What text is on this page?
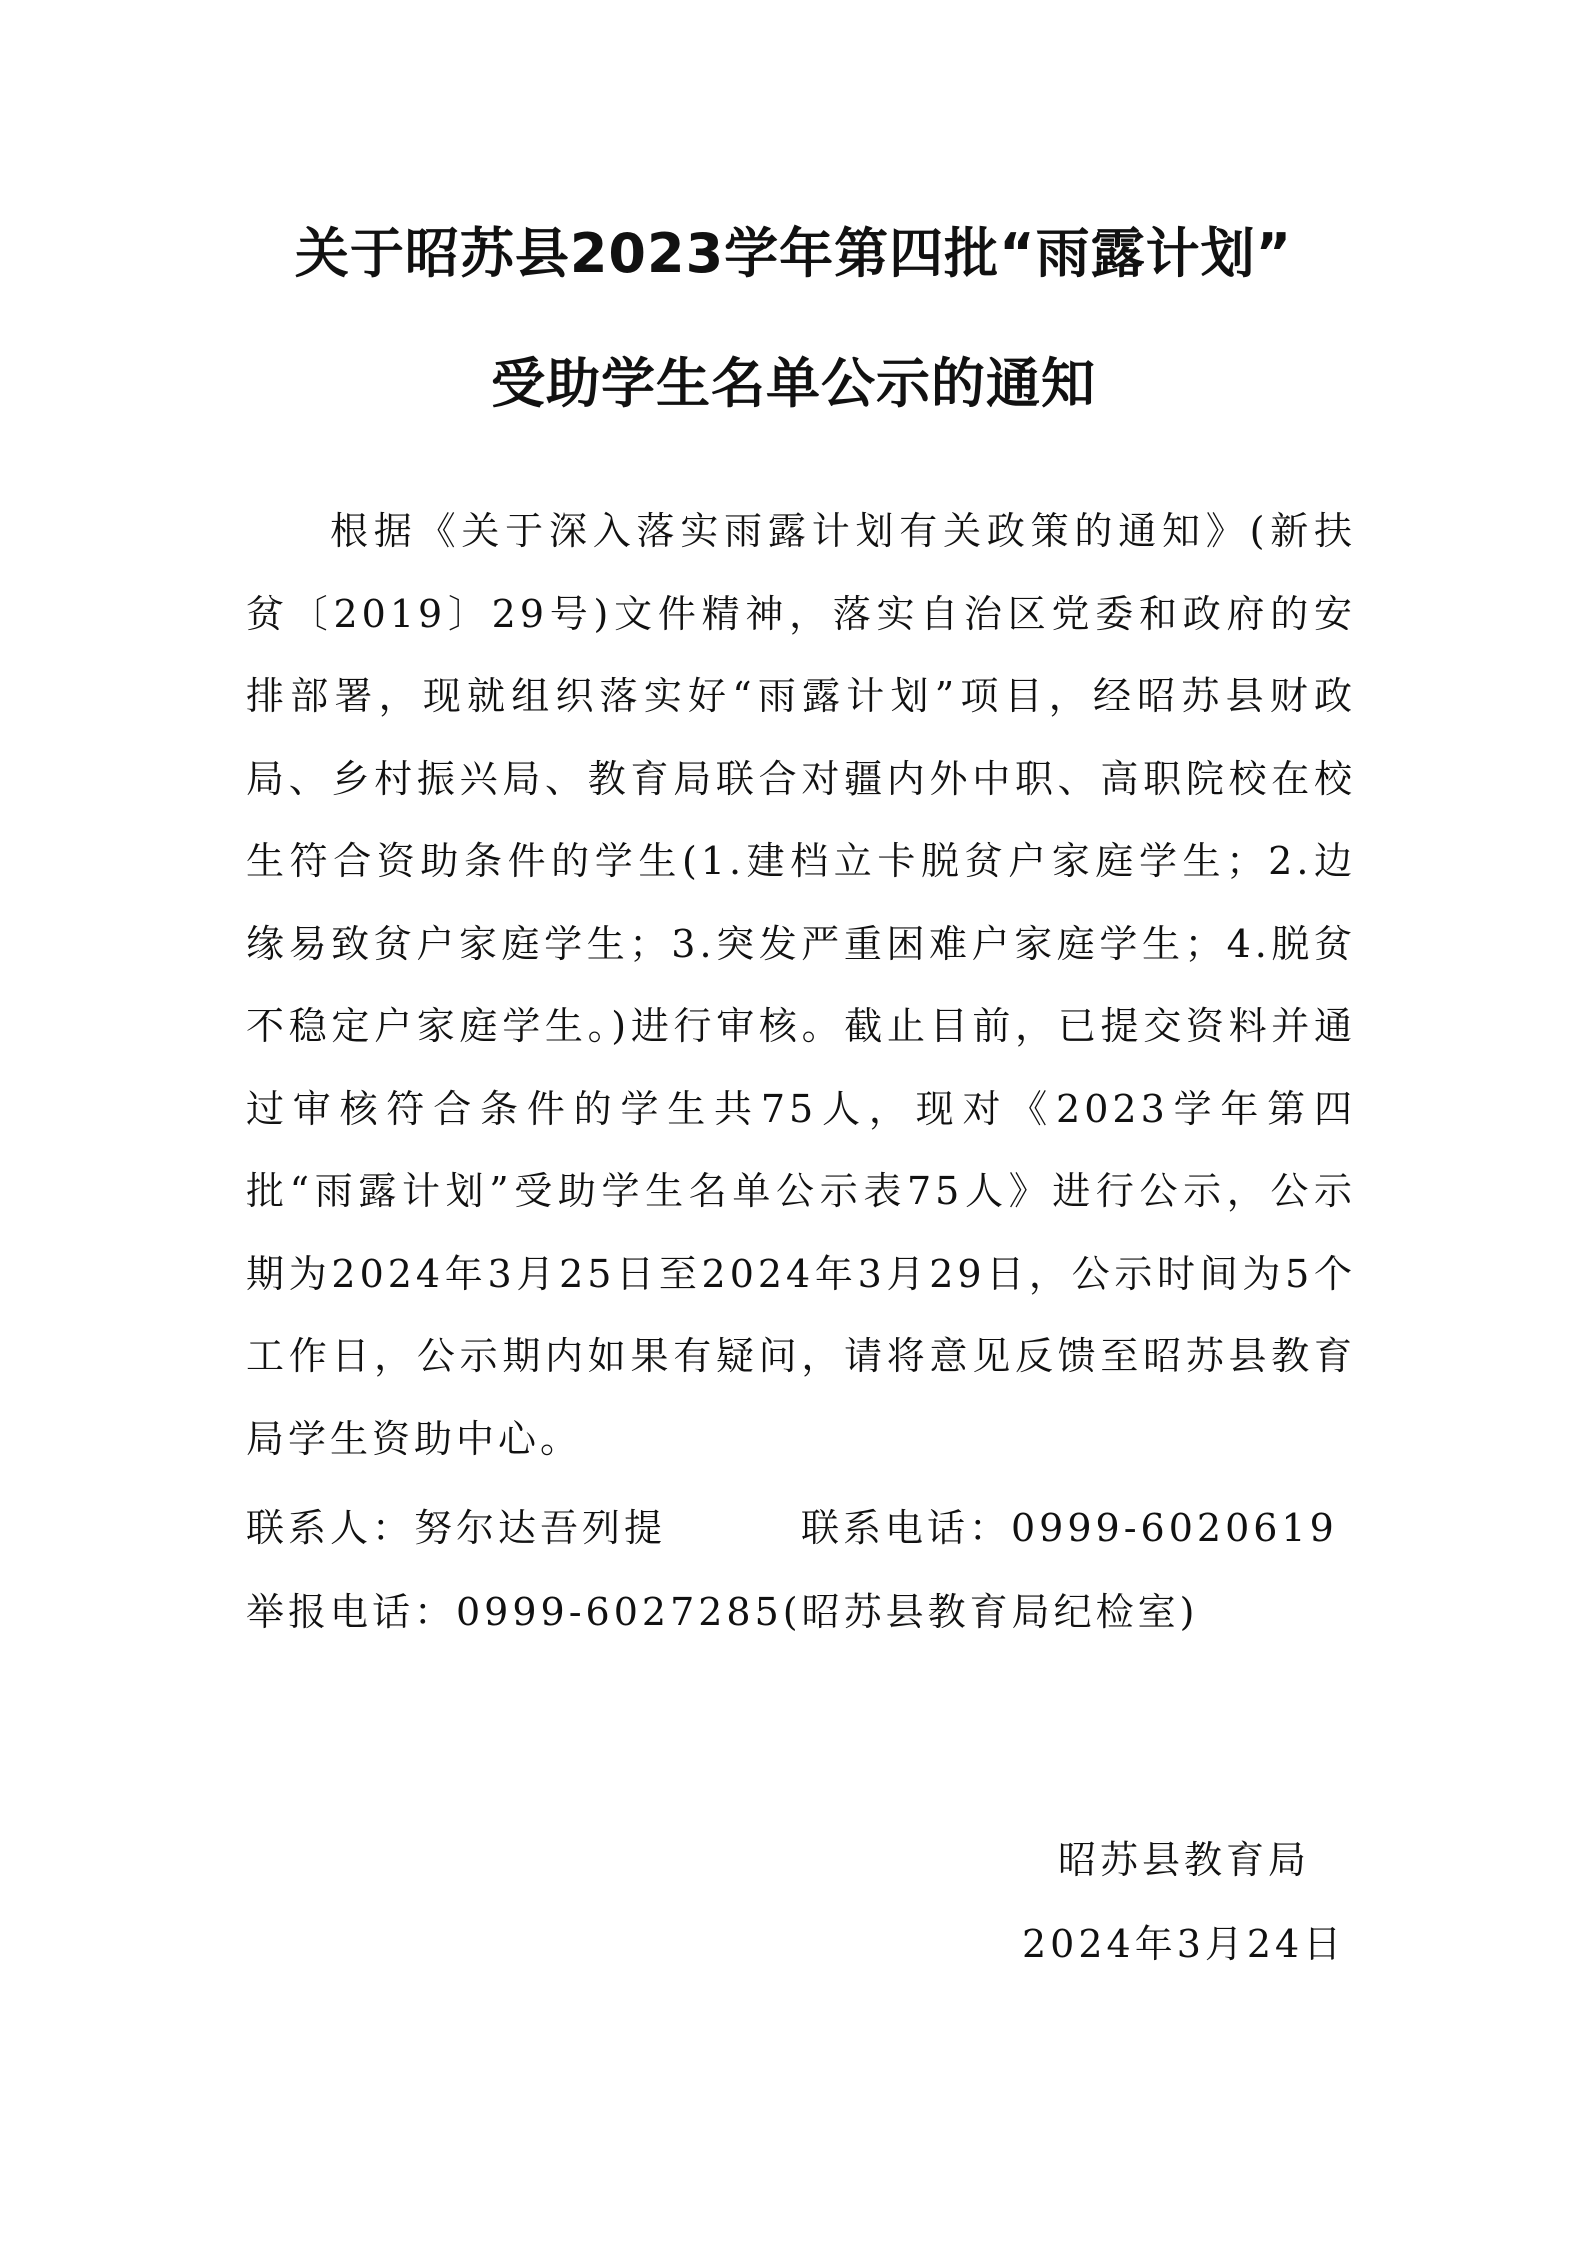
关于昭苏县2023学年第四批“雨露计划”
受助学生名单公示的通知

根据《关于深入落实雨露计划有关政策的通知》(新扶贫〔2019〕29号)文件精神，落实自治区党委和政府的安排部署，现就组织落实好“雨露计划”项目，经昭苏县财政局、乡村振兴局、教育局联合对疆内外中职、高职院校在校生符合资助条件的学生(1.建档立卡脱贫户家庭学生；2.边缘易致贫户家庭学生；3.突发严重困难户家庭学生；4.脱贫不稳定户家庭学生。)进行审核。截止目前，已提交资料并通过审核符合条件的学生共75人，现对《2023学年第四批“雨露计划”受助学生名单公示表75人》进行公示，公示期为2024年3月25日至2024年3月29日，公示时间为5个工作日，公示期内如果有疑问，请将意见反馈至昭苏县教育局学生资助中心。

联系人：努尔达吾列提	联系电话：0999-6020619
举报电话：0999-6027285(昭苏县教育局纪检室)
昭苏县教育局
2024年3月24日
